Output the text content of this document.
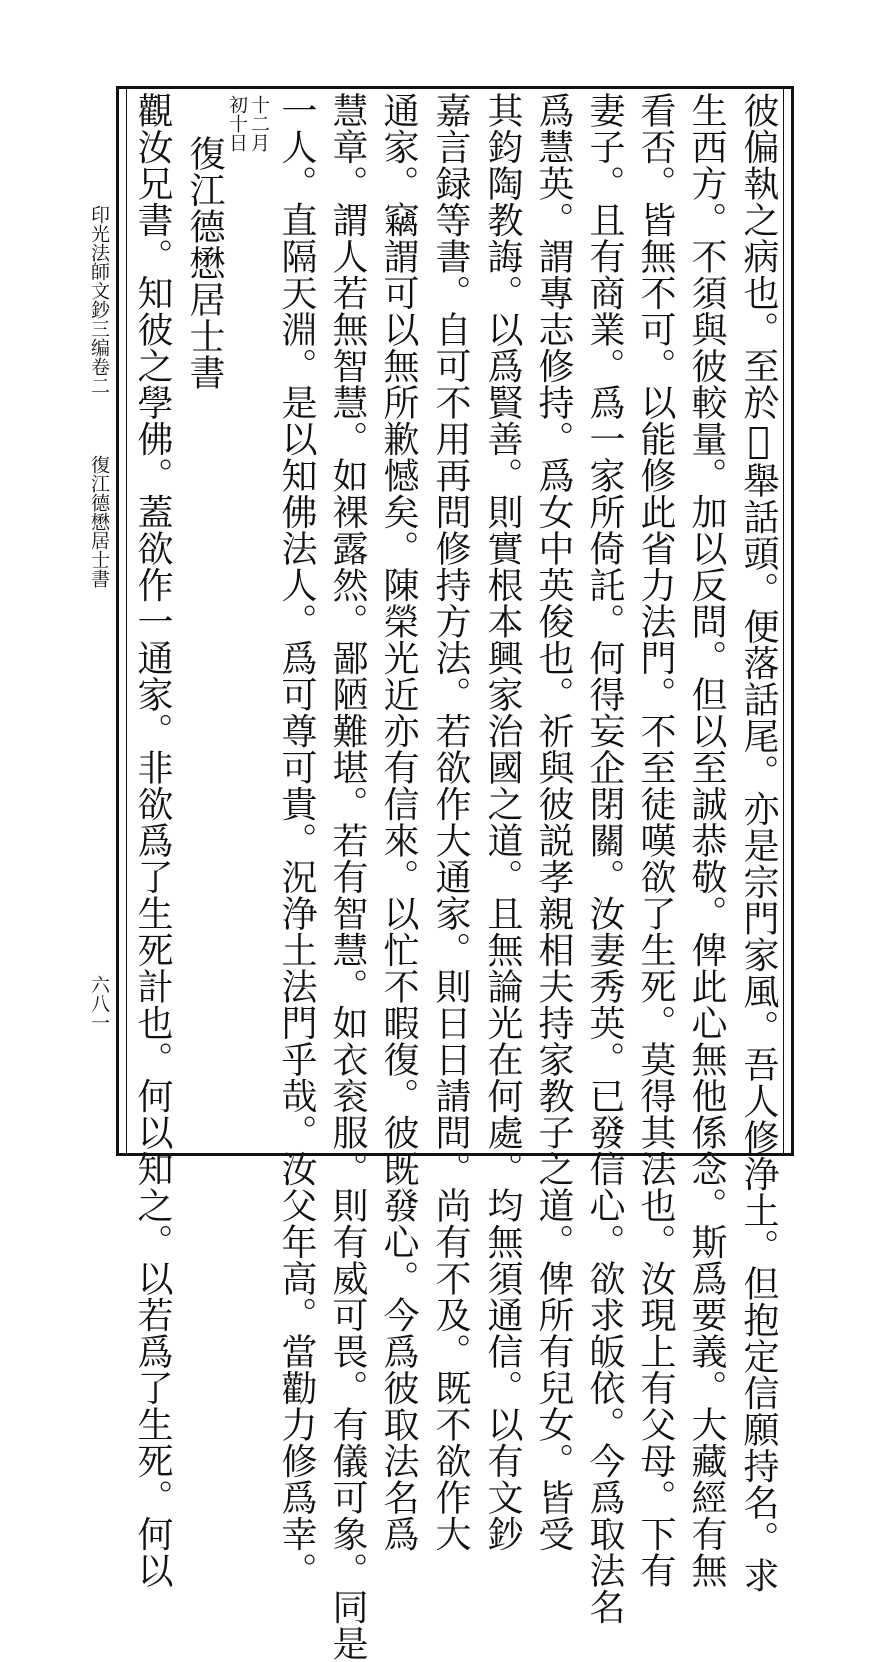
彼偏執之病也。至於􏰀舉話頭。便落話尾。亦是宗門家風。吾人修浄土。但抱定信願持名。求
生西方。不須與彼較量。加以反問。但以至誠恭敬。俾此心無他係念。斯爲要義。大藏經有無
看否。皆無不可。以能修此省力法門。不至徒嘆欲了生死。莫得其法也。汝現上有父母。下有
妻子。且有商業。爲一家所倚託。何得妄企閉關。汝妻秀英。已發信心。欲求皈依。今爲取法名
爲慧英。謂專志修持。爲女中英俊也。祈與彼説孝親相夫持家教子之道。俾所有兒女。皆受
其鈞陶教誨。以爲賢善。則實根本興家治國之道。且無論光在何處。均無須通信。以有文鈔
嘉言録等書。自可不用再問修持方法。若欲作大通家。則日日請問。尚有不及。既不欲作大
通家。竊謂可以無所歉憾矣。陳榮光近亦有信來。以忙不暇復。彼既發心。今爲彼取法名爲
慧章。謂人若無智慧。如裸露然。鄙陋難堪。若有智慧。如衣衮服。則有威可畏。有儀可象。同是
一人。直隔天淵。是以知佛法人。爲可尊可貴。況浄土法門乎哉。汝父年高。當勸力修爲幸。
十二月
初十日
復江德懋居士書
觀汝兄書。知彼之學佛。蓋欲作一通家。非欲爲了生死計也。何以知之。以若爲了生死。何以
印光法師文鈔三编卷二
復江德懋居士書
六八一
